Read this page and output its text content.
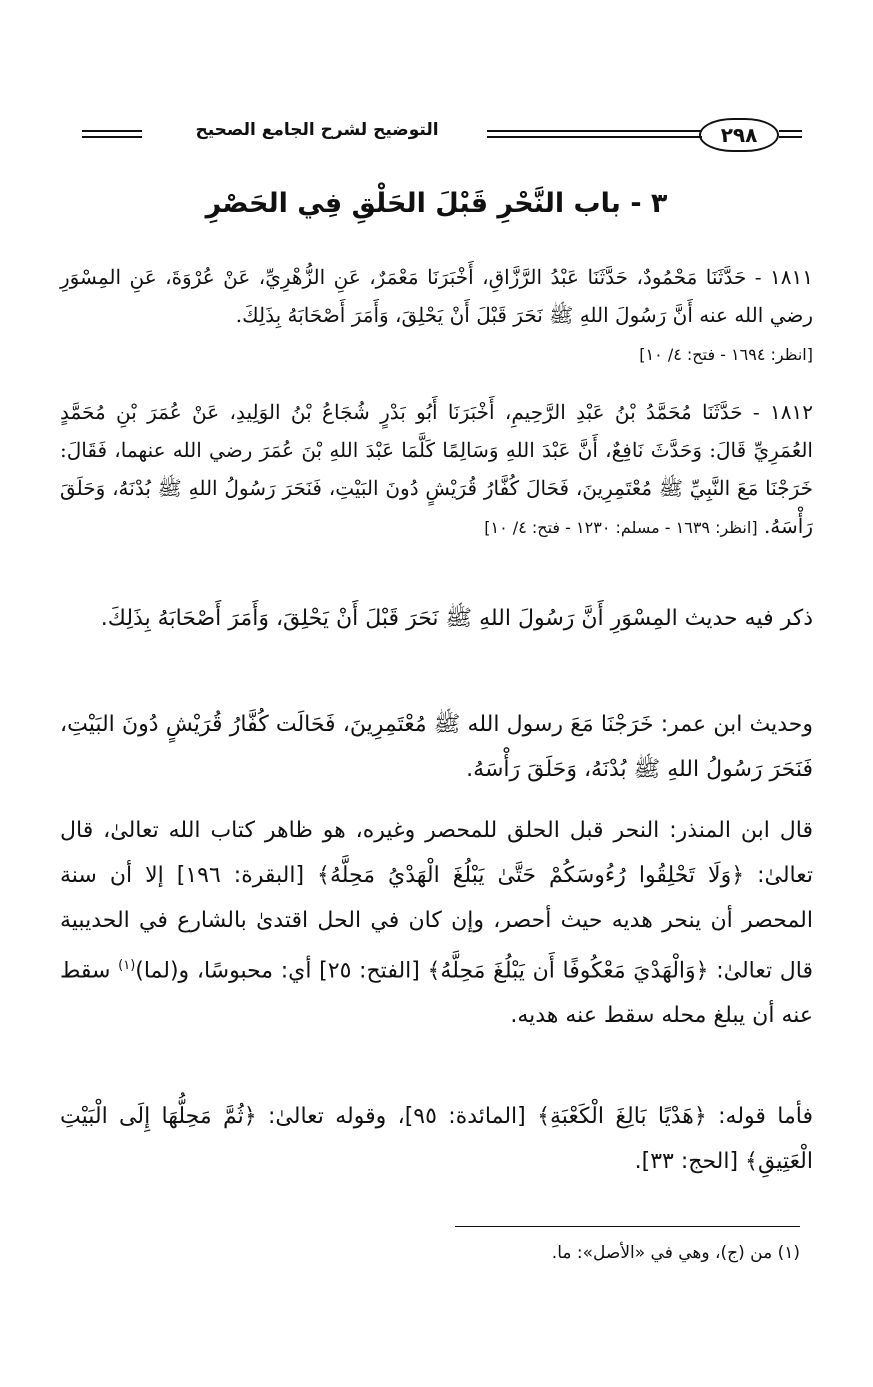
التوضيح لشرح الجامع الصحيح	٢٩٨
٣ - باب النَّحْرِ قَبْلَ الحَلْقِ فِي الحَصْرِ
١٨١١ - حَدَّثَنَا مَحْمُودٌ، حَدَّثَنَا عَبْدُ الرَّزَّاقِ، أَخْبَرَنَا مَعْمَرٌ، عَنِ الزُّهْرِيِّ، عَنْ عُرْوَةَ، عَنِ المِسْوَرِ رضي الله عنه أَنَّ رَسُولَ اللهِ ﷺ نَحَرَ قَبْلَ أَنْ يَحْلِقَ، وَأَمَرَ أَصْحَابَهُ بِذَلِكَ.
[انظر: ١٦٩٤ - فتح: ٤/ ١٠]
١٨١٢ - حَدَّثَنَا مُحَمَّدُ بْنُ عَبْدِ الرَّحِيمِ، أَخْبَرَنَا أَبُو بَدْرٍ شُجَاعُ بْنُ الوَلِيدِ، عَنْ عُمَرَ بْنِ مُحَمَّدٍ العُمَرِيِّ قَالَ: وَحَدَّثَ نَافِعٌ، أَنَّ عَبْدَ اللهِ وَسَالِمًا كَلَّمَا عَبْدَ اللهِ بْنَ عُمَرَ رضي الله عنهما، فَقَالَ: خَرَجْنَا مَعَ النَّبِيِّ ﷺ مُعْتَمِرِينَ، فَحَالَ كُفَّارُ قُرَيْشٍ دُونَ البَيْتِ، فَنَحَرَ رَسُولُ اللهِ ﷺ بُدْنَهُ، وَحَلَقَ رَأْسَهُ. [انظر: ١٦٣٩ - مسلم: ١٢٣٠ - فتح: ٤/ ١٠]
ذكر فيه حديث المِسْوَرِ أَنَّ رَسُولَ اللهِ ﷺ نَحَرَ قَبْلَ أَنْ يَحْلِقَ، وَأَمَرَ أَصْحَابَهُ بِذَلِكَ.
وحديث ابن عمر: خَرَجْنَا مَعَ رسول الله ﷺ مُعْتَمِرِينَ، فَحَالَت كُفَّارُ قُرَيْشٍ دُونَ البَيْتِ، فَنَحَرَ رَسُولُ اللهِ ﷺ بُدْنَهُ، وَحَلَقَ رَأْسَهُ.
قال ابن المنذر: النحر قبل الحلق للمحصر وغيره، هو ظاهر كتاب الله تعالىٰ، قال تعالىٰ: ﴿وَلَا تَحْلِقُوا رُءُوسَكُمْ حَتَّىٰ يَبْلُغَ الْهَدْيُ مَحِلَّهُ﴾ [البقرة: ١٩٦] إلا أن سنة المحصر أن ينحر هديه حيث أحصر، وإن كان في الحل اقتدىٰ بالشارع في الحديبية قال تعالىٰ: ﴿وَالْهَدْيَ مَعْكُوفًا أَن يَبْلُغَ مَحِلَّهُ﴾ [الفتح: ٢٥] أي: محبوسًا، و(لما)$^{(١)}$ سقط عنه أن يبلغ محله سقط عنه هديه.
فأما قوله: ﴿هَدْيًا بَالِغَ الْكَعْبَةِ﴾ [المائدة: ٩٥]، وقوله تعالىٰ: ﴿ثُمَّ مَحِلُّهَا إِلَى الْبَيْتِ الْعَتِيقِ﴾ [الحج: ٣٣].
(١) من (ج)، وهي في «الأصل»: ما.
